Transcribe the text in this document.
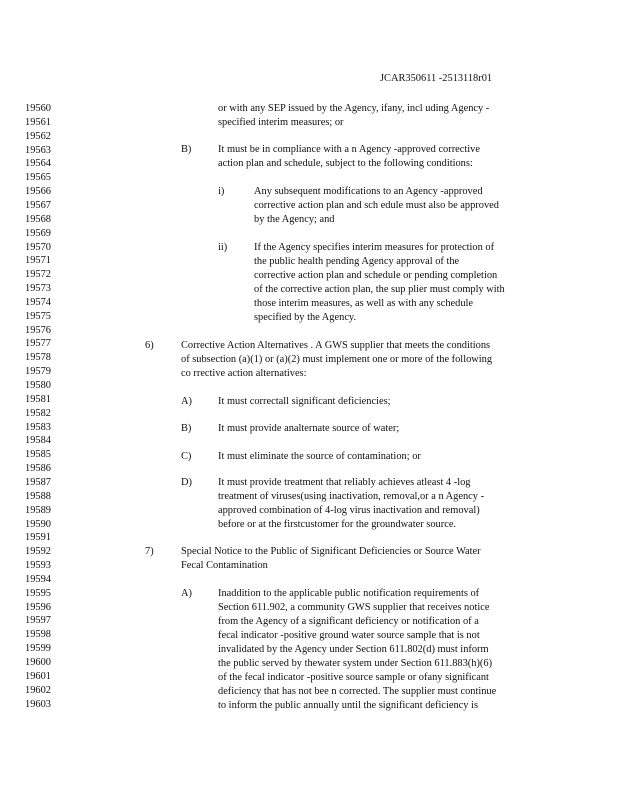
JCAR350611 -2513118r01
19560
19561
19562
19563
19564
19565
19566
19567
19568
19569
19570
19571
19572
19573
19574
19575
19576
19577
19578
19579
19580
19581
19582
19583
19584
19585
19586
19587
19588
19589
19590
19591
19592
19593
19594
19595
19596
19597
19598
19599
19600
19601
19602
19603
or with any SEP issued by the Agency, ifany, incl uding Agency -
specified interim measures; or
B)	It must be in compliance with a n Agency -approved corrective
action plan and schedule, subject to the following conditions:
i)	Any subsequent modifications to an Agency -approved
corrective action plan and sch edule must also be approved
by the Agency; and
ii)	If the Agency specifies interim measures for protection of
the public health pending Agency approval of the
corrective action plan and schedule or pending completion
of the corrective action plan, the sup plier must comply with
those interim measures, as well as with any schedule
specified by the Agency.
6)	Corrective Action Alternatives . A GWS supplier that meets the conditions
of subsection (a)(1) or (a)(2) must implement one or more of the following
co rrective action alternatives:
A)	It must correctall significant deficiencies;
B)	It must provide analternate source of water;
C)	It must eliminate the source of contamination; or
D)	It must provide treatment that reliably achieves atleast 4 -log
treatment of viruses(using inactivation, removal,or a n Agency -
approved combination of 4-log virus inactivation and removal)
before or at the firstcustomer for the groundwater source.
7)	Special Notice to the Public of Significant Deficiencies or Source Water
Fecal Contamination
A)	Inaddition to the applicable public notification requirements of
Section 611.902, a community GWS supplier that receives notice
from the Agency of a significant deficiency or notification of a
fecal indicator -positive ground water source sample that is not
invalidated by the Agency under Section 611.802(d) must inform
the public served by thewater system under Section 611.883(h)(6)
of the fecal indicator -positive source sample or ofany significant
deficiency that has not bee n corrected. The supplier must continue
to inform the public annually until the significant deficiency is
